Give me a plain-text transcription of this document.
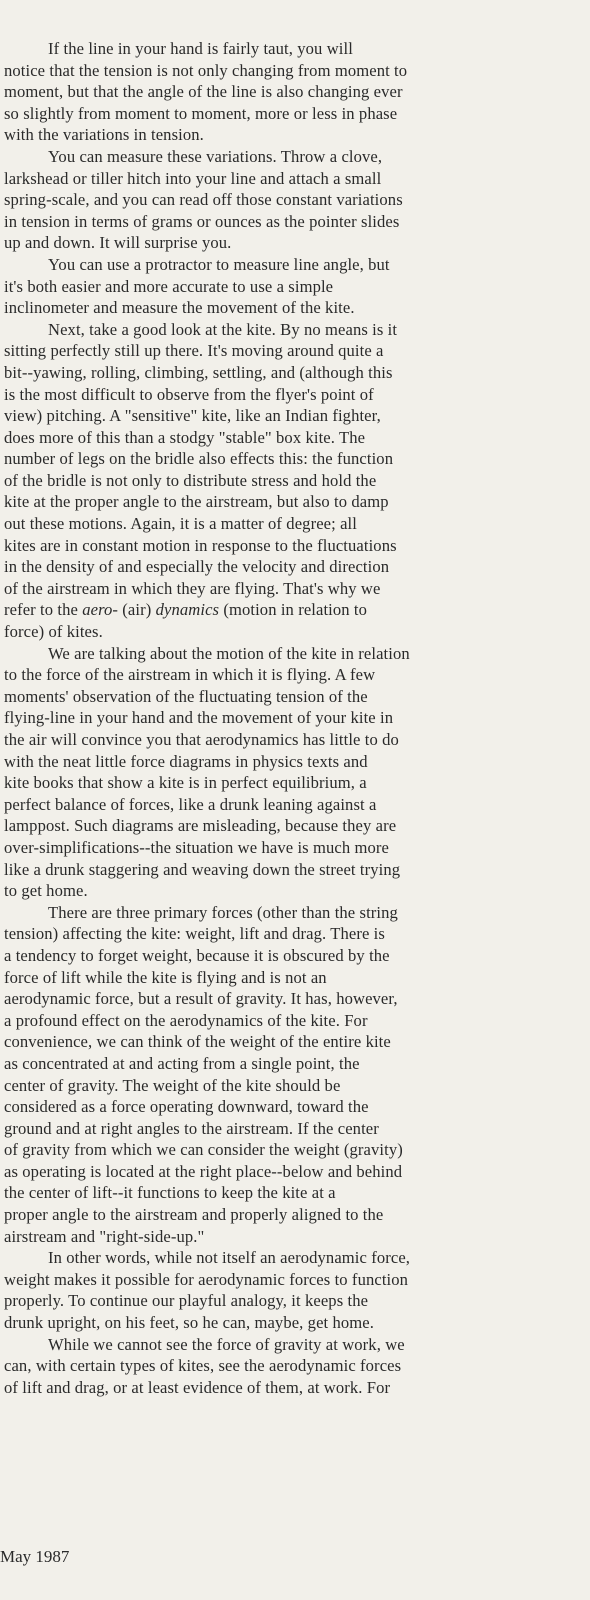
If the line in your hand is fairly taut, you will
notice that the tension is not only changing from moment to
moment, but that the angle of the line is also changing ever
so slightly from moment to moment, more or less in phase
with the variations in tension.

You can measure these variations. Throw a clove,
larkshead or tiller hitch into your line and attach a small
spring-scale, and you can read off those constant variations
in tension in terms of grams or ounces as the pointer slides
up and down. It will surprise you.

You can use a protractor to measure line angle, but
it's both easier and more accurate to use a simple
inclinometer and measure the movement of the kite.

Next, take a good look at the kite. By no means is it
sitting perfectly still up there. It's moving around quite a
bit--yawing, rolling, climbing, settling, and (although this
is the most difficult to observe from the flyer's point of
view) pitching. A "sensitive" kite, like an Indian fighter,
does more of this than a stodgy "stable" box kite. The
number of legs on the bridle also effects this: the function
of the bridle is not only to distribute stress and hold the
kite at the proper angle to the airstream, but also to damp
out these motions. Again, it is a matter of degree; all
kites are in constant motion in response to the fluctuations
in the density of and especially the velocity and direction
of the airstream in which they are flying. That's why we
refer to the aero- (air) dynamics (motion in relation to
force) of kites.

We are talking about the motion of the kite in relation
to the force of the airstream in which it is flying. A few
moments' observation of the fluctuating tension of the
flying-line in your hand and the movement of your kite in
the air will convince you that aerodynamics has little to do
with the neat little force diagrams in physics texts and
kite books that show a kite is in perfect equilibrium, a
perfect balance of forces, like a drunk leaning against a
lamppost. Such diagrams are misleading, because they are
over-simplifications--the situation we have is much more
like a drunk staggering and weaving down the street trying
to get home.

There are three primary forces (other than the string
tension) affecting the kite: weight, lift and drag. There is
a tendency to forget weight, because it is obscured by the
force of lift while the kite is flying and is not an
aerodynamic force, but a result of gravity. It has, however,
a profound effect on the aerodynamics of the kite. For
convenience, we can think of the weight of the entire kite
as concentrated at and acting from a single point, the
center of gravity. The weight of the kite should be
considered as a force operating downward, toward the
ground and at right angles to the airstream. If the center
of gravity from which we can consider the weight (gravity)
as operating is located at the right place--below and behind
the center of lift--it functions to keep the kite at a
proper angle to the airstream and properly aligned to the
airstream and "right-side-up."

In other words, while not itself an aerodynamic force,
weight makes it possible for aerodynamic forces to function
properly. To continue our playful analogy, it keeps the
drunk upright, on his feet, so he can, maybe, get home.

While we cannot see the force of gravity at work, we
can, with certain types of kites, see the aerodynamic forces
of lift and drag, or at least evidence of them, at work. For

May 1987
